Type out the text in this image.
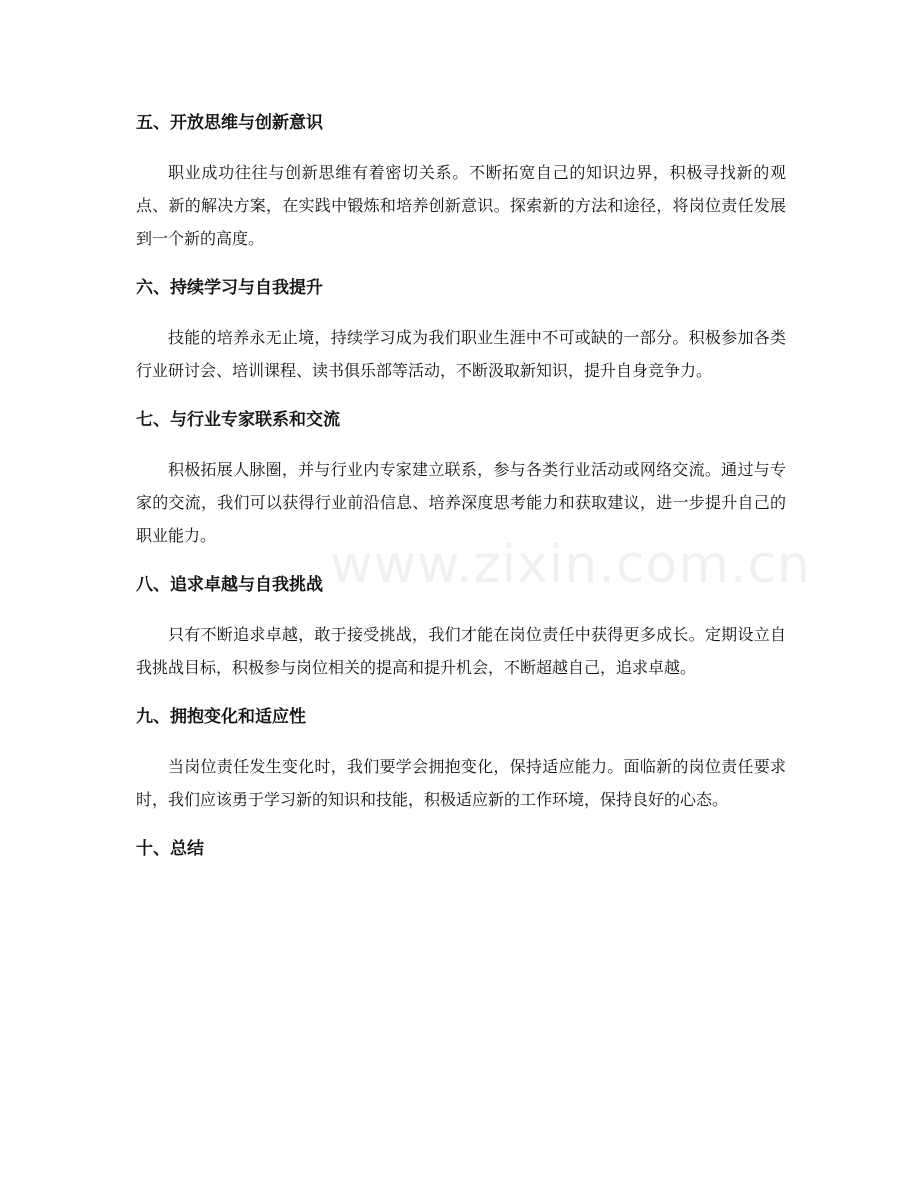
五、开放思维与创新意识

职业成功往往与创新思维有着密切关系。不断拓宽自己的知识边界，积极寻找新的观点、新的解决方案，在实践中锻炼和培养创新意识。探索新的方法和途径，将岗位责任发展到一个新的高度。

六、持续学习与自我提升

技能的培养永无止境，持续学习成为我们职业生涯中不可或缺的一部分。积极参加各类行业研讨会、培训课程、读书俱乐部等活动，不断汲取新知识，提升自身竞争力。

七、与行业专家联系和交流

积极拓展人脉圈，并与行业内专家建立联系，参与各类行业活动或网络交流。通过与专家的交流，我们可以获得行业前沿信息、培养深度思考能力和获取建议，进一步提升自己的职业能力。

八、追求卓越与自我挑战

只有不断追求卓越，敢于接受挑战，我们才能在岗位责任中获得更多成长。定期设立自我挑战目标，积极参与岗位相关的提高和提升机会，不断超越自己，追求卓越。

九、拥抱变化和适应性

当岗位责任发生变化时，我们要学会拥抱变化，保持适应能力。面临新的岗位责任要求时，我们应该勇于学习新的知识和技能，积极适应新的工作环境，保持良好的心态。

十、总结
www.zixin.com.cn
